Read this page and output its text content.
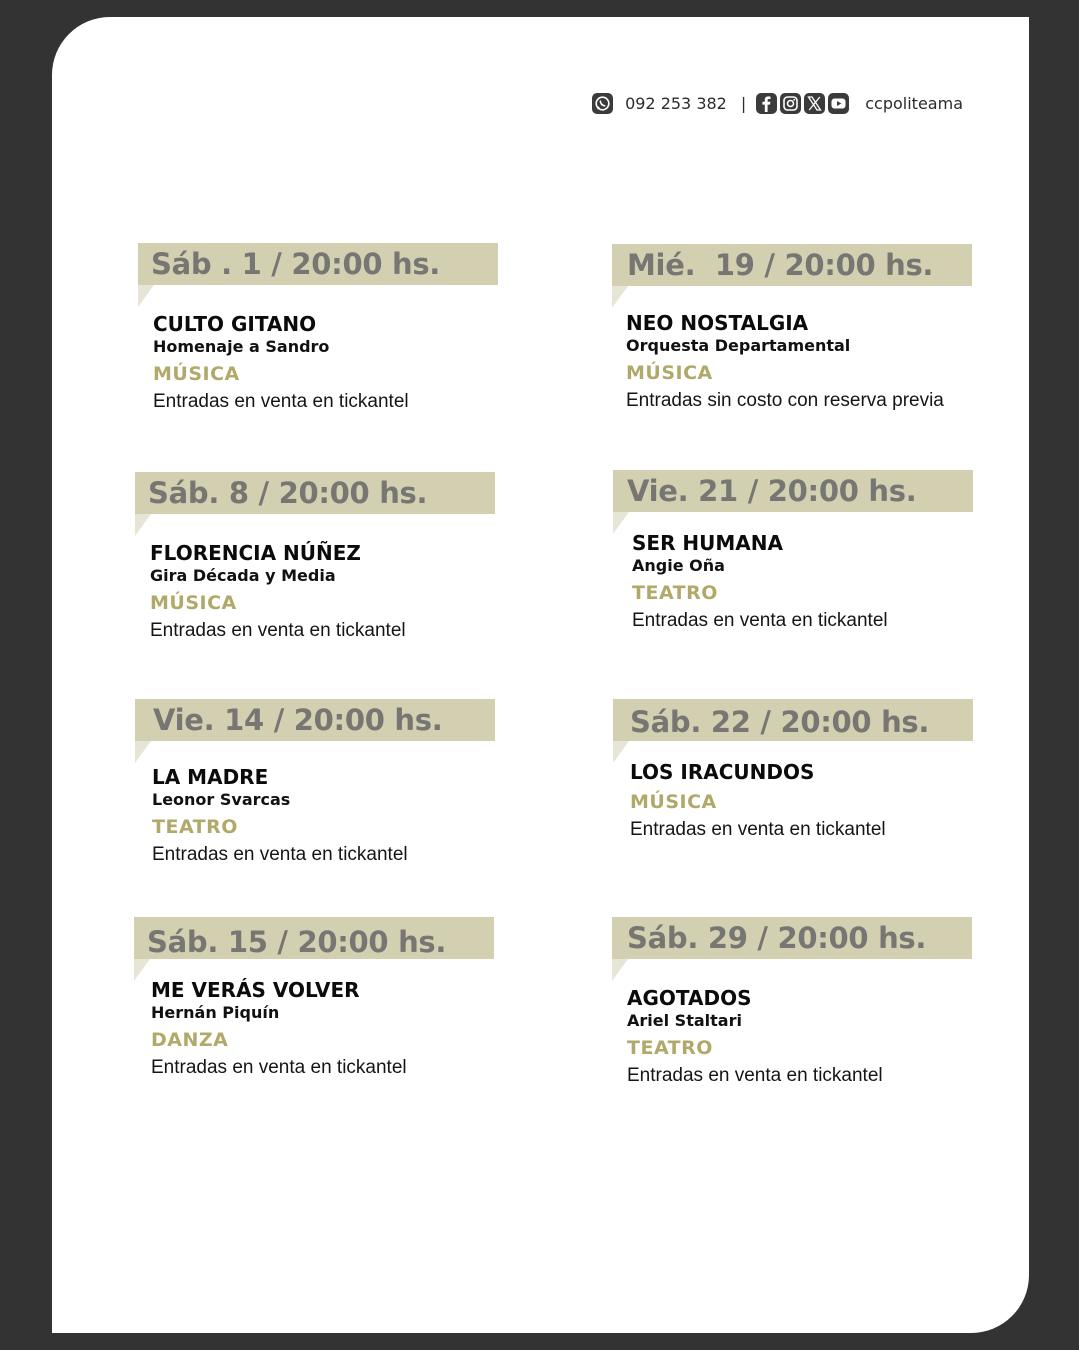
092 253 382 |	ccpoliteama
Sáb . 1 / 20:00 hs.
CULTO GITANO
Homenaje a Sandro
MÚSICA
Entradas en venta en tickantel
Sáb. 8 / 20:00 hs.
FLORENCIA NÚÑEZ
Gira Década y Media
MÚSICA
Entradas en venta en tickantel
Vie. 14 / 20:00 hs.
LA MADRE
Leonor Svarcas
TEATRO
Entradas en venta en tickantel
Sáb. 15 / 20:00 hs.
ME VERÁS VOLVER
Hernán Piquín
DANZA
Entradas en venta en tickantel
Mié.  19 / 20:00 hs.
NEO NOSTALGIA
Orquesta Departamental
MÚSICA
Entradas sin costo con reserva previa
Vie. 21 / 20:00 hs.
SER HUMANA
Angie Oña
TEATRO
Entradas en venta en tickantel
Sáb. 22 / 20:00 hs.
LOS IRACUNDOS
MÚSICA
Entradas en venta en tickantel
Sáb. 29 / 20:00 hs.
AGOTADOS
Ariel Staltari
TEATRO
Entradas en venta en tickantel
